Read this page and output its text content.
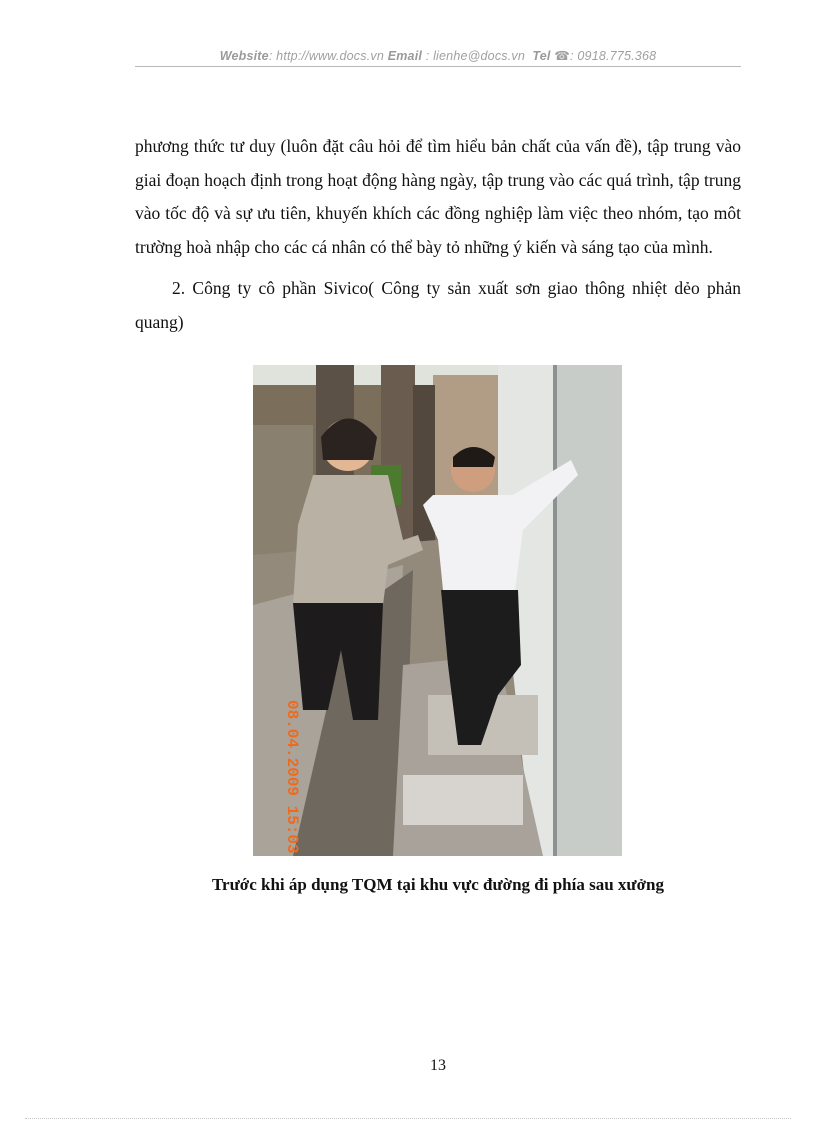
Website: http://www.docs.vn Email : lienhe@docs.vn Tel ☎: 0918.775.368

phương thức tư duy (luôn đặt câu hỏi để tìm hiểu bản chất của vấn đề), tập trung vào giai đoạn hoạch định trong hoạt động hàng ngày, tập trung vào các quá trình, tập trung vào tốc độ và sự ưu tiên, khuyến khích các đồng nghiệp làm việc theo nhóm, tạo môt trường hoà nhập cho các cá nhân có thể bày tỏ những ý kiến và sáng tạo của mình.

2. Công ty cô phần Sivico( Công ty sản xuất sơn giao thông nhiệt dẻo phản quang)

08.04.2009 15:03
Trước khi áp dụng TQM tại khu vực đường đi phía sau xưởng
13
